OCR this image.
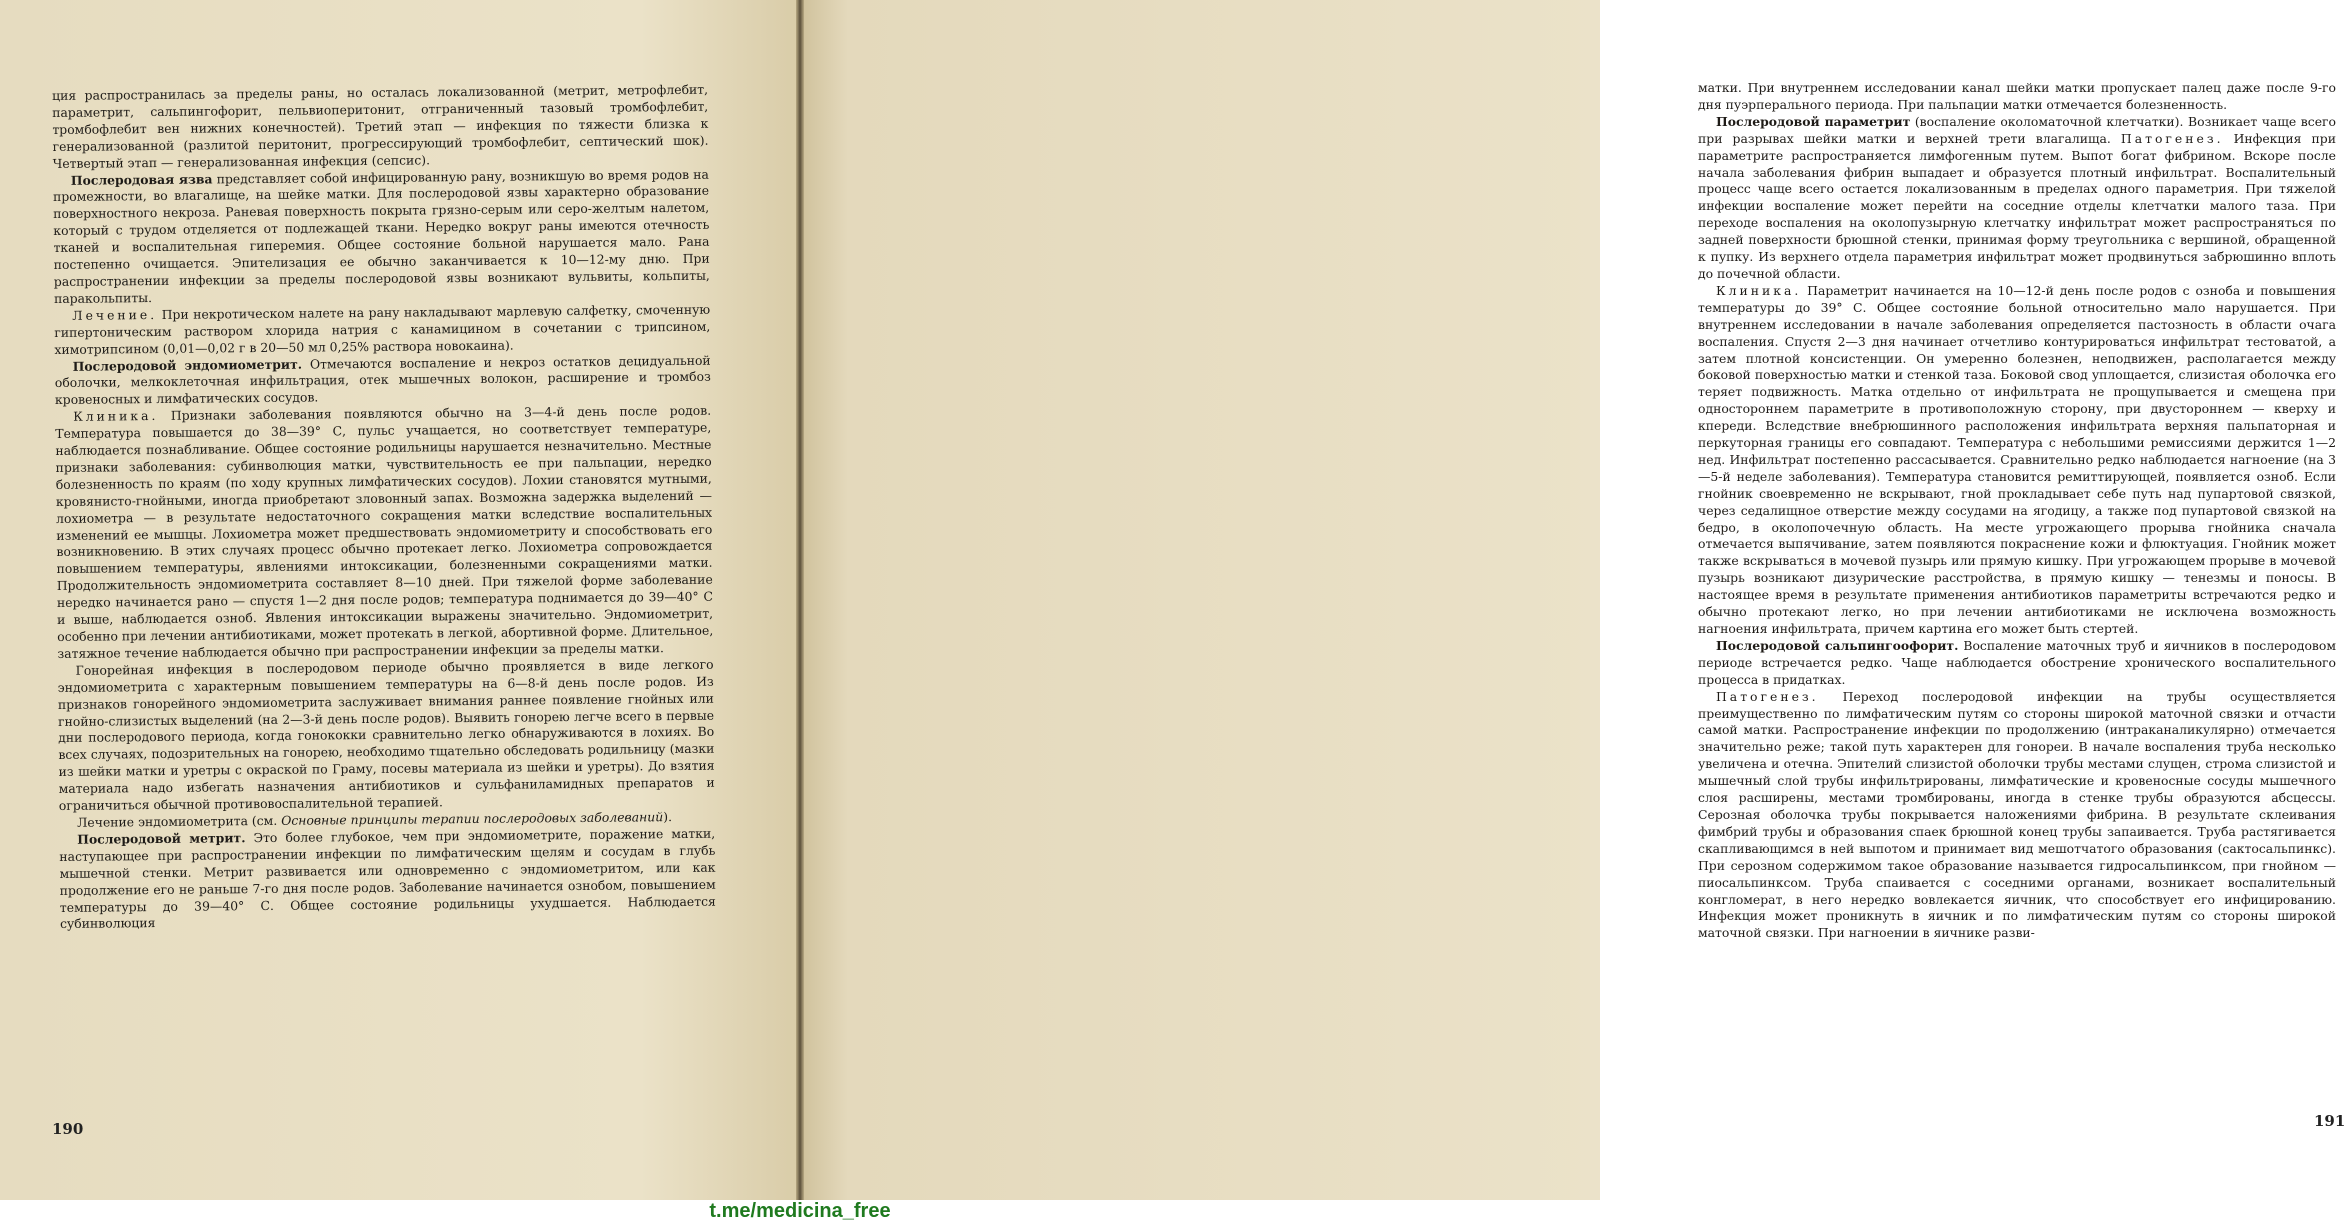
ция распространилась за пределы раны, но осталась локализованной (метрит, метрофлебит, параметрит, сальпингофорит, пельвиоперитонит, отграниченный тазовый тромбофлебит, тромбофлебит вен нижних конечностей). Третий этап — инфекция по тяжести близка к генерализованной (разлитой перитонит, прогрессирующий тромбофлебит, септический шок). Четвертый этап — генерализованная инфекция (сепсис).

Послеродовая язва представляет собой инфицированную рану, возникшую во время родов на промежности, во влагалище, на шейке матки. Для послеродовой язвы характерно образование поверхностного некроза. Раневая поверхность покрыта грязно-серым или серо-желтым налетом, который с трудом отделяется от подлежащей ткани. Нередко вокруг раны имеются отечность тканей и воспалительная гиперемия. Общее состояние больной нарушается мало. Рана постепенно очищается. Эпителизация ее обычно заканчивается к 10—12-му дню. При распространении инфекции за пределы послеродовой язвы возникают вульвиты, кольпиты, паракольпиты.

Лечение. При некротическом налете на рану накладывают марлевую салфетку, смоченную гипертоническим раствором хлорида натрия с канамицином в сочетании с трипсином, химотрипсином (0,01—0,02 г в 20—50 мл 0,25% раствора новокаина).

Послеродовой эндомиометрит. Отмечаются воспаление и некроз остатков децидуальной оболочки, мелкоклеточная инфильтрация, отек мышечных волокон, расширение и тромбоз кровеносных и лимфатических сосудов.

Клиника. Признаки заболевания появляются обычно на 3—4-й день после родов. Температура повышается до 38—39° С, пульс учащается, но соответствует температуре, наблюдается познабливание. Общее состояние родильницы нарушается незначительно. Местные признаки заболевания: субинволюция матки, чувствительность ее при пальпации, нередко болезненность по краям (по ходу крупных лимфатических сосудов). Лохии становятся мутными, кровянисто-гнойными, иногда приобретают зловонный запах. Возможна задержка выделений — лохиометра — в результате недостаточного сокращения матки вследствие воспалительных изменений ее мышцы. Лохиометра может предшествовать эндомиометриту и способствовать его возникновению. В этих случаях процесс обычно протекает легко. Лохиометра сопровождается повышением температуры, явлениями интоксикации, болезненными сокращениями матки. Продолжительность эндомиометрита составляет 8—10 дней. При тяжелой форме заболевание нередко начинается рано — спустя 1—2 дня после родов; температура поднимается до 39—40° С и выше, наблюдается озноб. Явления интоксикации выражены значительно. Эндомиометрит, особенно при лечении антибиотиками, может протекать в легкой, абортивной форме. Длительное, затяжное течение наблюдается обычно при распространении инфекции за пределы матки.

Гонорейная инфекция в послеродовом периоде обычно проявляется в виде легкого эндомиометрита с характерным повышением температуры на 6—8-й день после родов. Из признаков гонорейного эндомиометрита заслуживает внимания раннее появление гнойных или гнойно-слизистых выделений (на 2—3-й день после родов). Выявить гонорею легче всего в первые дни послеродового периода, когда гонококки сравнительно легко обнаруживаются в лохиях. Во всех случаях, подозрительных на гонорею, необходимо тщательно обследовать родильницу (мазки из шейки матки и уретры с окраской по Граму, посевы материала из шейки и уретры). До взятия материала надо избегать назначения антибиотиков и сульфаниламидных препаратов и ограничиться обычной противовоспалительной терапией.

Лечение эндомиометрита (см. Основные принципы терапии послеродовых заболеваний).

Послеродовой метрит. Это более глубокое, чем при эндомиометрите, поражение матки, наступающее при распространении инфекции по лимфатическим щелям и сосудам в глубь мышечной стенки. Метрит развивается или одновременно с эндомиометритом, или как продолжение его не раньше 7-го дня после родов. Заболевание начинается ознобом, повышением температуры до 39—40° С. Общее состояние родильницы ухудшается. Наблюдается субинволюция

190

матки. При внутреннем исследовании канал шейки матки пропускает палец даже после 9-го дня пуэрперального периода. При пальпации матки отмечается болезненность.

Послеродовой параметрит (воспаление околоматочной клетчатки). Возникает чаще всего при разрывах шейки матки и верхней трети влагалища. Патогенез. Инфекция при параметрите распространяется лимфогенным путем. Выпот богат фибрином. Вскоре после начала заболевания фибрин выпадает и образуется плотный инфильтрат. Воспалительный процесс чаще всего остается локализованным в пределах одного параметрия. При тяжелой инфекции воспаление может перейти на соседние отделы клетчатки малого таза. При переходе воспаления на околопузырную клетчатку инфильтрат может распространяться по задней поверхности брюшной стенки, принимая форму треугольника с вершиной, обращенной к пупку. Из верхнего отдела параметрия инфильтрат может продвинуться забрюшинно вплоть до почечной области.

Клиника. Параметрит начинается на 10—12-й день после родов с озноба и повышения температуры до 39° С. Общее состояние больной относительно мало нарушается. При внутреннем исследовании в начале заболевания определяется пастозность в области очага воспаления. Спустя 2—3 дня начинает отчетливо контурироваться инфильтрат тестоватой, а затем плотной консистенции. Он умеренно болезнен, неподвижен, располагается между боковой поверхностью матки и стенкой таза. Боковой свод уплощается, слизистая оболочка его теряет подвижность. Матка отдельно от инфильтрата не прощупывается и смещена при одностороннем параметрите в противоположную сторону, при двустороннем — кверху и кпереди. Вследствие внебрюшинного расположения инфильтрата верхняя пальпаторная и перкуторная границы его совпадают. Температура с небольшими ремиссиями держится 1—2 нед. Инфильтрат постепенно рассасывается. Сравнительно редко наблюдается нагноение (на 3—5-й неделе заболевания). Температура становится ремиттирующей, появляется озноб. Если гнойник своевременно не вскрывают, гной прокладывает себе путь над пупартовой связкой, через седалищное отверстие между сосудами на ягодицу, а также под пупартовой связкой на бедро, в околопочечную область. На месте угрожающего прорыва гнойника сначала отмечается выпячивание, затем появляются покраснение кожи и флюктуация. Гнойник может также вскрываться в мочевой пузырь или прямую кишку. При угрожающем прорыве в мочевой пузырь возникают дизурические расстройства, в прямую кишку — тенезмы и поносы. В настоящее время в результате применения антибиотиков параметриты встречаются редко и обычно протекают легко, но при лечении антибиотиками не исключена возможность нагноения инфильтрата, причем картина его может быть стертей.

Послеродовой сальпингоофорит. Воспаление маточных труб и яичников в послеродовом периоде встречается редко. Чаще наблюдается обострение хронического воспалительного процесса в придатках.

Патогенез. Переход послеродовой инфекции на трубы осуществляется преимущественно по лимфатическим путям со стороны широкой маточной связки и отчасти самой матки. Распространение инфекции по продолжению (интраканаликулярно) отмечается значительно реже; такой путь характерен для гонореи. В начале воспаления труба несколько увеличена и отечна. Эпителий слизистой оболочки трубы местами слущен, строма слизистой и мышечный слой трубы инфильтрированы, лимфатические и кровеносные сосуды мышечного слоя расширены, местами тромбированы, иногда в стенке трубы образуются абсцессы. Серозная оболочка трубы покрывается наложениями фибрина. В результате склеивания фимбрий трубы и образования спаек брюшной конец трубы запаивается. Труба растягивается скапливающимся в ней выпотом и принимает вид мешотчатого образования (сактосальпинкс). При серозном содержимом такое образование называется гидросальпинксом, при гнойном — пиосальпинксом. Труба спаивается с соседними органами, возникает воспалительный конгломерат, в него нередко вовлекается яичник, что способствует его инфицированию. Инфекция может проникнуть в яичник и по лимфатическим путям со стороны широкой маточной связки. При нагноении в яичнике разви-

191
t.me/medicina_free
